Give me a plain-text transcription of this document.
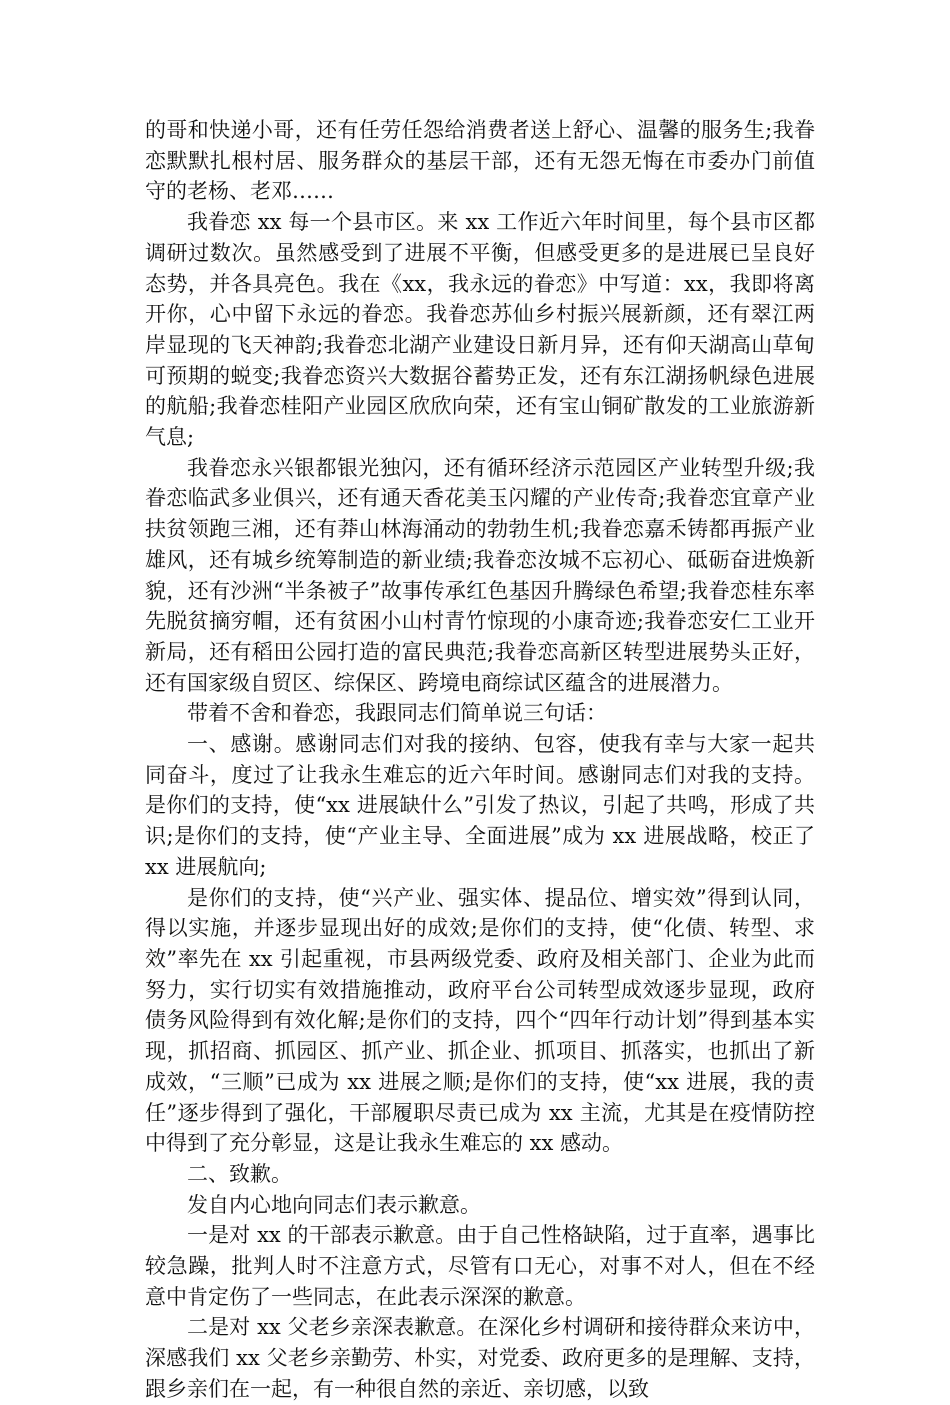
的哥和快递小哥，还有任劳任怨给消费者送上舒心、温馨的服务生;我眷恋默默扎根村居、服务群众的基层干部，还有无怨无悔在市委办门前值守的老杨、老邓……

我眷恋 xx 每一个县市区。来 xx 工作近六年时间里，每个县市区都调研过数次。虽然感受到了进展不平衡，但感受更多的是进展已呈良好态势，并各具亮色。我在《xx，我永远的眷恋》中写道：xx，我即将离开你，心中留下永远的眷恋。我眷恋苏仙乡村振兴展新颜，还有翠江两岸显现的飞天神韵;我眷恋北湖产业建设日新月异，还有仰天湖高山草甸可预期的蜕变;我眷恋资兴大数据谷蓄势正发，还有东江湖扬帆绿色进展的航船;我眷恋桂阳产业园区欣欣向荣，还有宝山铜矿散发的工业旅游新气息;

我眷恋永兴银都银光独闪，还有循环经济示范园区产业转型升级;我眷恋临武多业俱兴，还有通天香花美玉闪耀的产业传奇;我眷恋宜章产业扶贫领跑三湘，还有莽山林海涌动的勃勃生机;我眷恋嘉禾铸都再振产业雄风，还有城乡统筹制造的新业绩;我眷恋汝城不忘初心、砥砺奋进焕新貌，还有沙洲“半条被子”故事传承红色基因升腾绿色希望;我眷恋桂东率先脱贫摘穷帽，还有贫困小山村青竹惊现的小康奇迹;我眷恋安仁工业开新局，还有稻田公园打造的富民典范;我眷恋高新区转型进展势头正好，还有国家级自贸区、综保区、跨境电商综试区蕴含的进展潜力。

带着不舍和眷恋，我跟同志们简单说三句话：

一、感谢。感谢同志们对我的接纳、包容，使我有幸与大家一起共同奋斗，度过了让我永生难忘的近六年时间。感谢同志们对我的支持。是你们的支持，使“xx 进展缺什么”引发了热议，引起了共鸣，形成了共识;是你们的支持，使“产业主导、全面进展”成为 xx 进展战略，校正了 xx 进展航向;

是你们的支持，使“兴产业、强实体、提品位、增实效”得到认同，得以实施，并逐步显现出好的成效;是你们的支持，使“化债、转型、求效”率先在 xx 引起重视，市县两级党委、政府及相关部门、企业为此而努力，实行切实有效措施推动，政府平台公司转型成效逐步显现，政府债务风险得到有效化解;是你们的支持，四个“四年行动计划”得到基本实现，抓招商、抓园区、抓产业、抓企业、抓项目、抓落实，也抓出了新成效，“三顺”已成为 xx 进展之顺;是你们的支持，使“xx 进展，我的责任”逐步得到了强化，干部履职尽责已成为 xx 主流，尤其是在疫情防控中得到了充分彰显，这是让我永生难忘的 xx 感动。

二、致歉。

发自内心地向同志们表示歉意。

一是对 xx 的干部表示歉意。由于自己性格缺陷，过于直率，遇事比较急躁，批判人时不注意方式，尽管有口无心，对事不对人，但在不经意中肯定伤了一些同志，在此表示深深的歉意。

二是对 xx 父老乡亲深表歉意。在深化乡村调研和接待群众来访中，深感我们 xx 父老乡亲勤劳、朴实，对党委、政府更多的是理解、支持，跟乡亲们在一起，有一种很自然的亲近、亲切感，以致
